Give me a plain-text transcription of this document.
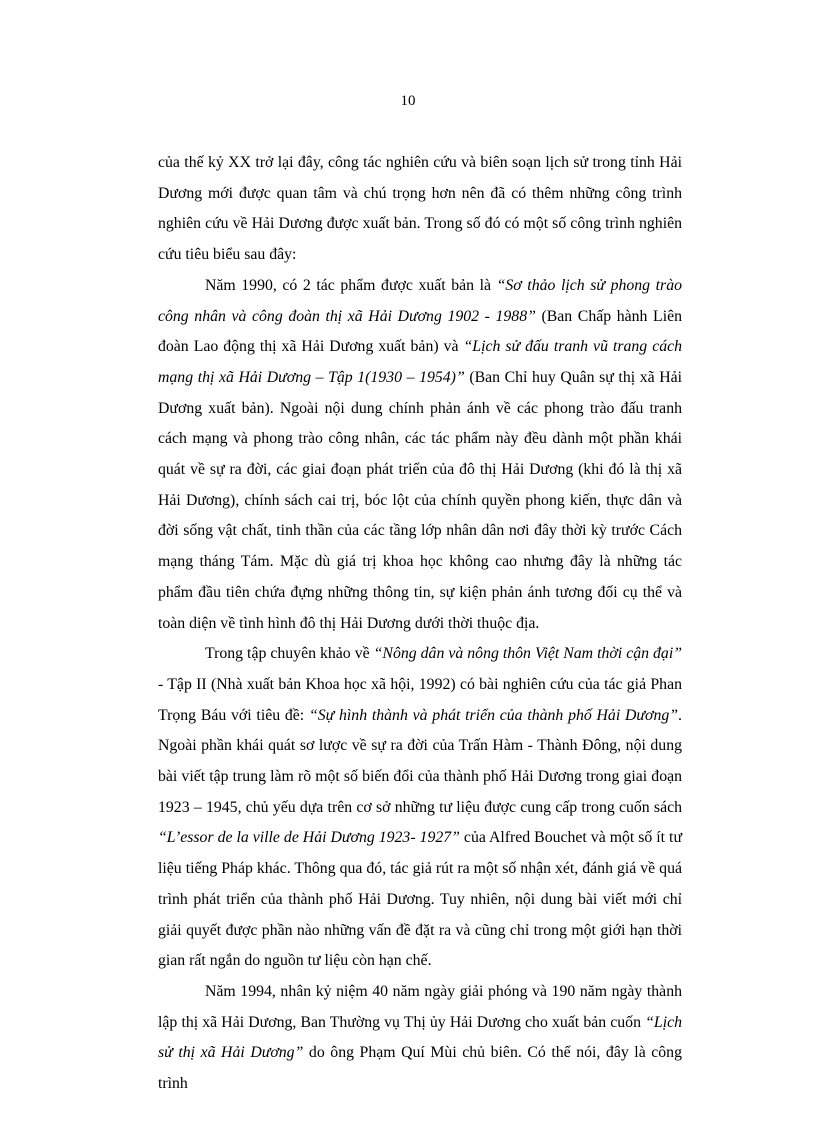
10

của thế kỷ XX trở lại đây, công tác nghiên cứu và biên soạn lịch sử trong tỉnh Hải Dương mới được quan tâm và chú trọng hơn nên đã có thêm những công trình nghiên cứu về Hải Dương được xuất bản. Trong số đó có một số công trình nghiên cứu tiêu biểu sau đây:

Năm 1990, có 2 tác phẩm được xuất bản là “Sơ thảo lịch sử phong trào công nhân và công đoàn thị xã Hải Dương 1902 - 1988” (Ban Chấp hành Liên đoàn Lao động thị xã Hải Dương xuất bản) và “Lịch sử đấu tranh vũ trang cách mạng thị xã Hải Dương – Tập 1(1930 – 1954)” (Ban Chỉ huy Quân sự thị xã Hải Dương xuất bản). Ngoài nội dung chính phản ánh về các phong trào đấu tranh cách mạng và phong trào công nhân, các tác phẩm này đều dành một phần khái quát về sự ra đời, các giai đoạn phát triển của đô thị Hải Dương (khi đó là thị xã Hải Dương), chính sách cai trị, bóc lột của chính quyền phong kiến, thực dân và đời sống vật chất, tinh thần của các tầng lớp nhân dân nơi đây thời kỳ trước Cách mạng tháng Tám. Mặc dù giá trị khoa học không cao nhưng đây là những tác phẩm đầu tiên chứa đựng những thông tin, sự kiện phản ánh tương đối cụ thể và toàn diện về tình hình đô thị Hải Dương dưới thời thuộc địa.

Trong tập chuyên khảo về “Nông dân và nông thôn Việt Nam thời cận đại” - Tập II (Nhà xuất bản Khoa học xã hội, 1992) có bài nghiên cứu của tác giả Phan Trọng Báu với tiêu đề: “Sự hình thành và phát triển của thành phố Hải Dương”. Ngoài phần khái quát sơ lược về sự ra đời của Trấn Hàm - Thành Đông, nội dung bài viết tập trung làm rõ một số biến đổi của thành phố Hải Dương trong giai đoạn 1923 – 1945, chủ yếu dựa trên cơ sở những tư liệu được cung cấp trong cuốn sách “L’essor de la ville de Hải Dương 1923- 1927” của Alfred Bouchet và một số ít tư liệu tiếng Pháp khác. Thông qua đó, tác giả rút ra một số nhận xét, đánh giá về quá trình phát triển của thành phố Hải Dương. Tuy nhiên, nội dung bài viết mới chỉ giải quyết được phần nào những vấn đề đặt ra và cũng chỉ trong một giới hạn thời gian rất ngắn do nguồn tư liệu còn hạn chế.

Năm 1994, nhân kỷ niệm 40 năm ngày giải phóng và 190 năm ngày thành lập thị xã Hải Dương, Ban Thường vụ Thị ủy Hải Dương cho xuất bản cuốn “Lịch sử thị xã Hải Dương” do ông Phạm Quí Mùi chủ biên. Có thể nói, đây là công trình
